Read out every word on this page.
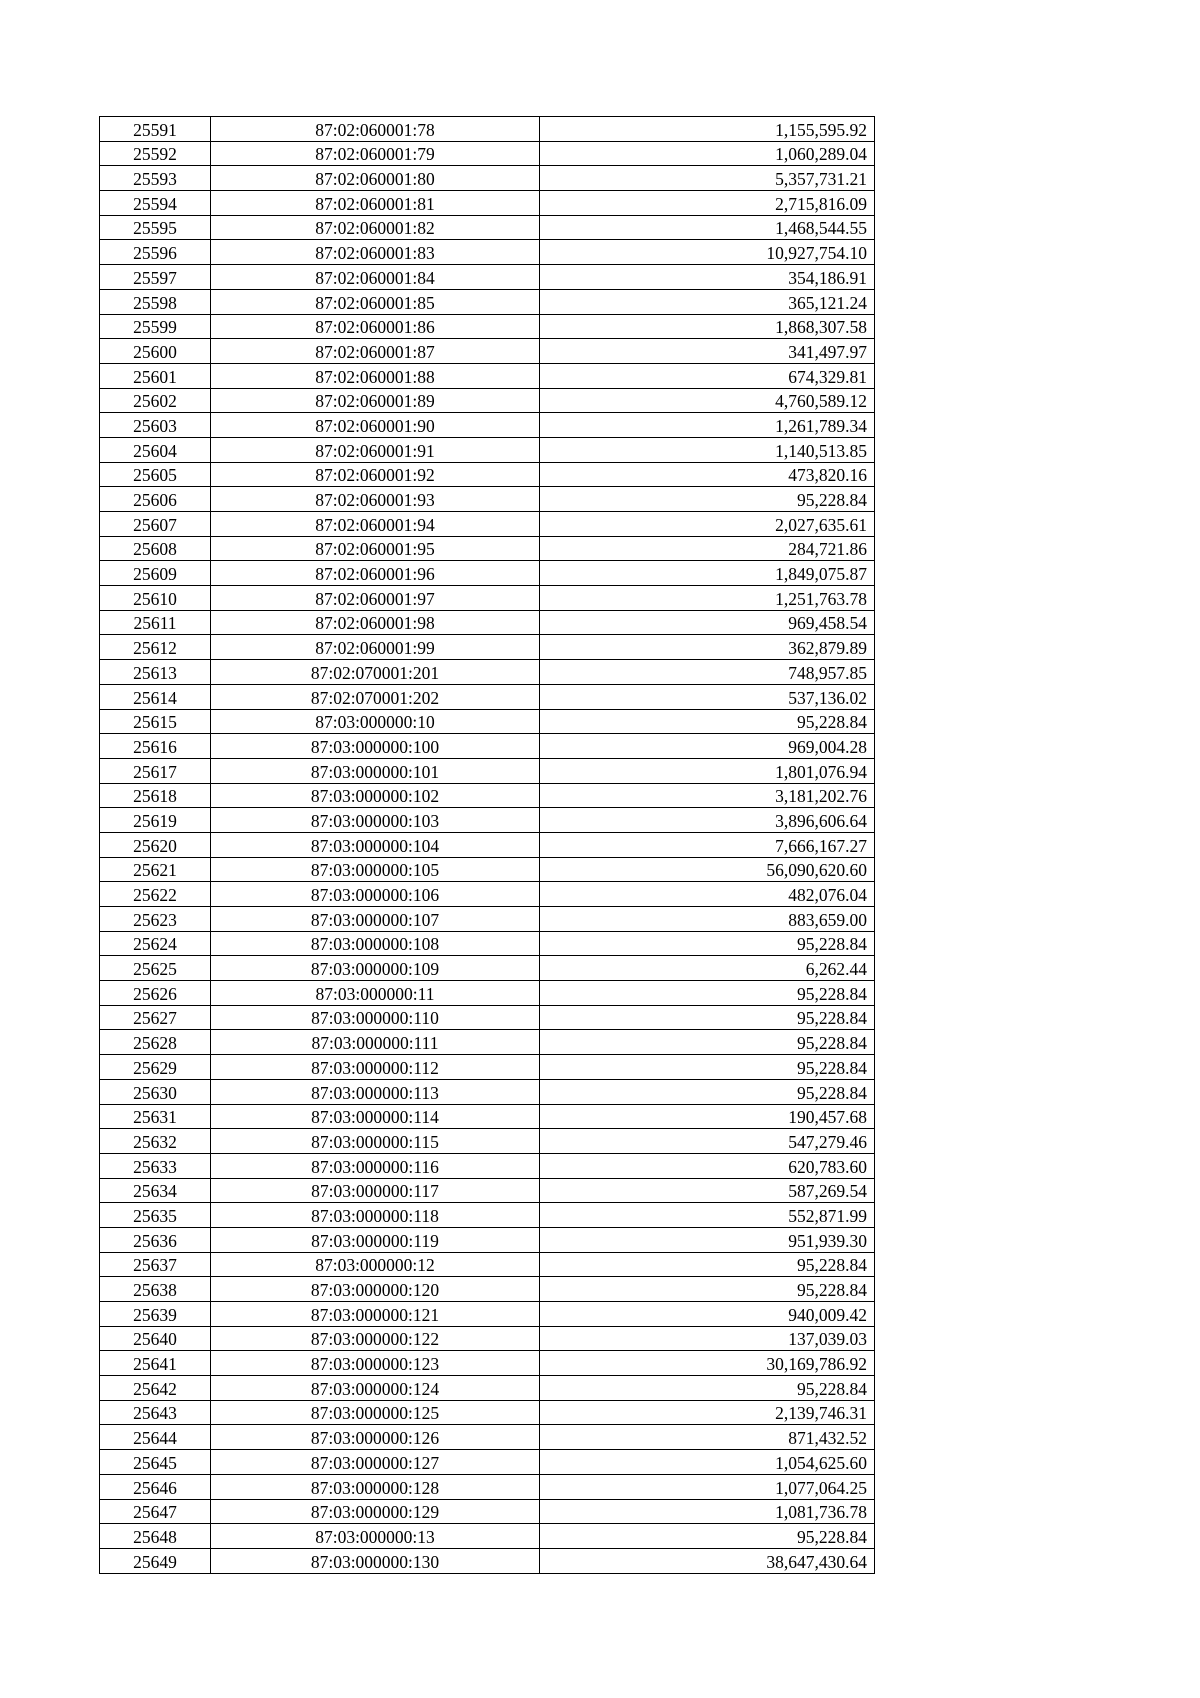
25591	87:02:060001:78	1,155,595.92
25592	87:02:060001:79	1,060,289.04
25593	87:02:060001:80	5,357,731.21
25594	87:02:060001:81	2,715,816.09
25595	87:02:060001:82	1,468,544.55
25596	87:02:060001:83	10,927,754.10
25597	87:02:060001:84	354,186.91
25598	87:02:060001:85	365,121.24
25599	87:02:060001:86	1,868,307.58
25600	87:02:060001:87	341,497.97
25601	87:02:060001:88	674,329.81
25602	87:02:060001:89	4,760,589.12
25603	87:02:060001:90	1,261,789.34
25604	87:02:060001:91	1,140,513.85
25605	87:02:060001:92	473,820.16
25606	87:02:060001:93	95,228.84
25607	87:02:060001:94	2,027,635.61
25608	87:02:060001:95	284,721.86
25609	87:02:060001:96	1,849,075.87
25610	87:02:060001:97	1,251,763.78
25611	87:02:060001:98	969,458.54
25612	87:02:060001:99	362,879.89
25613	87:02:070001:201	748,957.85
25614	87:02:070001:202	537,136.02
25615	87:03:000000:10	95,228.84
25616	87:03:000000:100	969,004.28
25617	87:03:000000:101	1,801,076.94
25618	87:03:000000:102	3,181,202.76
25619	87:03:000000:103	3,896,606.64
25620	87:03:000000:104	7,666,167.27
25621	87:03:000000:105	56,090,620.60
25622	87:03:000000:106	482,076.04
25623	87:03:000000:107	883,659.00
25624	87:03:000000:108	95,228.84
25625	87:03:000000:109	6,262.44
25626	87:03:000000:11	95,228.84
25627	87:03:000000:110	95,228.84
25628	87:03:000000:111	95,228.84
25629	87:03:000000:112	95,228.84
25630	87:03:000000:113	95,228.84
25631	87:03:000000:114	190,457.68
25632	87:03:000000:115	547,279.46
25633	87:03:000000:116	620,783.60
25634	87:03:000000:117	587,269.54
25635	87:03:000000:118	552,871.99
25636	87:03:000000:119	951,939.30
25637	87:03:000000:12	95,228.84
25638	87:03:000000:120	95,228.84
25639	87:03:000000:121	940,009.42
25640	87:03:000000:122	137,039.03
25641	87:03:000000:123	30,169,786.92
25642	87:03:000000:124	95,228.84
25643	87:03:000000:125	2,139,746.31
25644	87:03:000000:126	871,432.52
25645	87:03:000000:127	1,054,625.60
25646	87:03:000000:128	1,077,064.25
25647	87:03:000000:129	1,081,736.78
25648	87:03:000000:13	95,228.84
25649	87:03:000000:130	38,647,430.64
